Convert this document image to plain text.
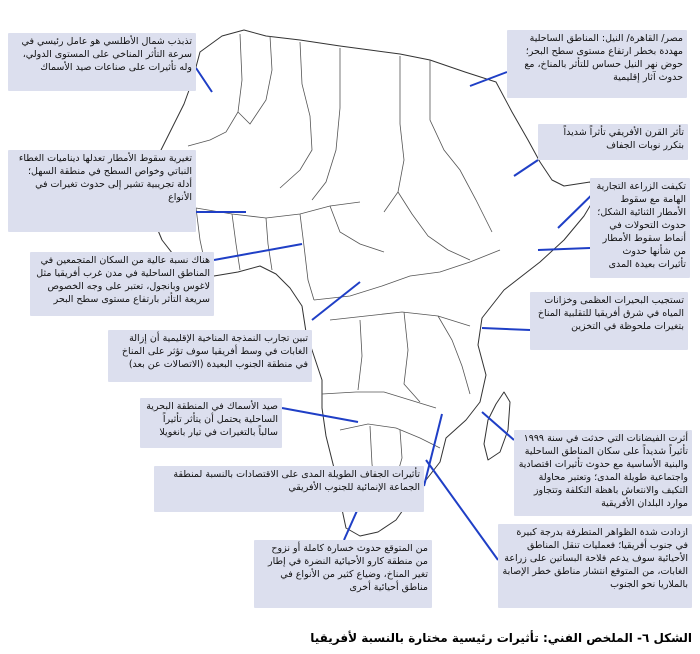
تذبذب شمال الأطلسي هو عامل رئيسي في سرعة التأثر المناخي على المستوى الدولي، وله تأثيرات على صناعات صيد الأسماك
مصر/ القاهرة/ النيل: المناطق الساحلية مهددة بخطر ارتفاع مستوى سطح البحر؛ حوض نهر النيل حساس للتأثر بالمناخ، مع حدوث آثار إقليمية
تأثر القرن الأفريقي تأثراً شديداً بتكرر نوبات الجفاف
تغيرية سقوط الأمطار تعدلها ديناميات الغطاء النباتي وخواص السطح في منطقة السهل؛ أدلة تجريبية تشير إلى حدوث تغيرات في الأنواع
تكيفت الزراعة التجارية الهامة مع سقوط الأمطار الثنائية الشكل؛ حدوث التحولات في أنماط سقوط الأمطار من شأنها حدوث تأثيرات بعيدة المدى
هناك نسبة عالية من السكان المتجمعين في المناطق الساحلية في مدن غرب أفريقيا مثل لاغوس وبانجول، تعتبر على وجه الخصوص سريعة التأثر بارتفاع مستوى سطح البحر	تستجيب البحيرات العظمى وخزانات المياه في شرق أفريقيا للتقلبية المناخ بتغيرات ملحوظة في التخزين
تبين تجارب النمذجة المناخية الإقليمية أن إزالة الغابات في وسط أفريقيا سوف تؤثر على المناخ في منطقة الجنوب البعيدة (الاتصالات عن بعد)
صيد الأسماك في المنطقة البحرية الساحلية يحتمل أن يتأثر تأثيراً سالباً بالتغيرات في تيار بانغويلا
أثرت الفيضانات التي حدثت في سنة ١٩٩٩ تأثيراً شديداً على سكان المناطق الساحلية والبنية الأساسية مع حدوث تأثيرات اقتصادية واجتماعية طويلة المدى؛ وتعتبر محاولة التكيف والانتعاش باهظة التكلفة وتتجاوز موارد البلدان الأفريقية
تأثيرات الجفاف الطويلة المدى على الاقتصادات بالنسبة لمنطقة الجماعة الإنمائية للجنوب الأفريقي
من المتوقع حدوث خسارة كاملة أو نزوح من منطقة كارو الأحيائية النضرة في إطار تغير المناخ، وضياع كثير من الأنواع في مناطق أحيائية أخرى
ازدادت شدة الظواهر المتطرفة بدرجة كبيرة في جنوب أفريقيا؛ فعمليات تنقل المناطق الأحيائية سوف يدعم فلاحة البساتين على زراعة الغابات، من المتوقع انتشار مناطق خطر الإصابة بالملاريا نحو الجنوب
الشكل ٦- الملخص الفني: تأثيرات رئيسية مختارة بالنسبة لأفريقيا
